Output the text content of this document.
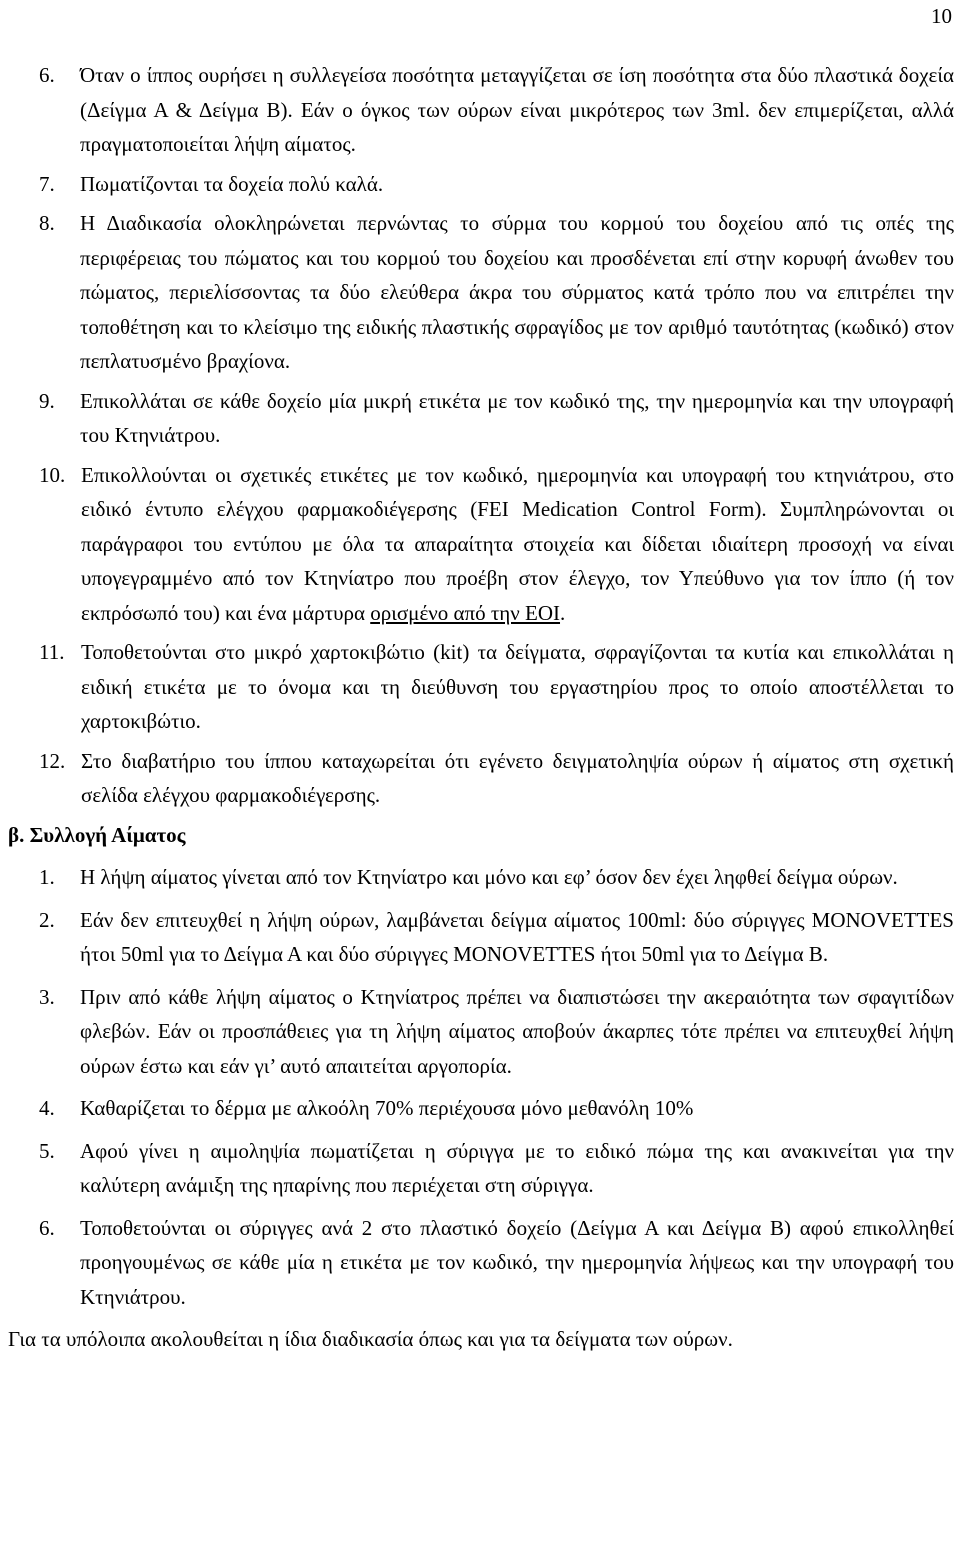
10
6. Όταν ο ίππος ουρήσει η συλλεγείσα ποσότητα μεταγγίζεται σε ίση ποσότητα στα δύο πλαστικά δοχεία (Δείγμα Α & Δείγμα Β). Εάν ο όγκος των ούρων είναι μικρότερος των 3ml. δεν επιμερίζεται, αλλά πραγματοποιείται λήψη αίματος.
7. Πωματίζονται τα δοχεία πολύ καλά.
8. Η Διαδικασία ολοκληρώνεται περνώντας το σύρμα του κορμού του δοχείου από τις οπές της περιφέρειας του πώματος και του κορμού του δοχείου και προσδένεται επί στην κορυφή άνωθεν του πώματος, περιελίσσοντας τα δύο ελεύθερα άκρα του σύρματος κατά τρόπο που να επιτρέπει την τοποθέτηση και το κλείσιμο της ειδικής πλαστικής σφραγίδος με τον αριθμό ταυτότητας (κωδικό) στον πεπλατυσμένο βραχίονα.
9. Επικολλάται σε κάθε δοχείο μία μικρή ετικέτα με τον κωδικό της, την ημερομηνία και την υπογραφή του Κτηνιάτρου.
10. Επικολλούνται οι σχετικές ετικέτες με τον κωδικό, ημερομηνία και υπογραφή του κτηνιάτρου, στο ειδικό έντυπο ελέγχου φαρμακοδιέγερσης (FEI Medication Control Form). Συμπληρώνονται οι παράγραφοι του εντύπου με όλα τα απαραίτητα στοιχεία και δίδεται ιδιαίτερη προσοχή να είναι υπογεγραμμένο από τον Κτηνίατρο που προέβη στον έλεγχο, τον Υπεύθυνο για τον ίππο (ή τον εκπρόσωπό του) και ένα μάρτυρα ορισμένο από την ΕΟΙ.
11. Τοποθετούνται στο μικρό χαρτοκιβώτιο (kit) τα δείγματα, σφραγίζονται τα κυτία και επικολλάται η ειδική ετικέτα με το όνομα και τη διεύθυνση του εργαστηρίου προς το οποίο αποστέλλεται το χαρτοκιβώτιο.
12. Στο διαβατήριο του ίππου καταχωρείται ότι εγένετο δειγματοληψία ούρων ή αίματος στη σχετική σελίδα ελέγχου φαρμακοδιέγερσης.
β. Συλλογή Αίματος
1. Η λήψη αίματος γίνεται από τον Κτηνίατρο και μόνο και εφ’ όσον δεν έχει ληφθεί δείγμα ούρων.
2. Εάν δεν επιτευχθεί η λήψη ούρων, λαμβάνεται δείγμα αίματος 100ml: δύο σύριγγες MONOVETTES ήτοι 50ml για το Δείγμα Α και δύο σύριγγες MONOVETTES ήτοι 50ml για το Δείγμα Β.
3. Πριν από κάθε λήψη αίματος ο Κτηνίατρος πρέπει να διαπιστώσει την ακεραιότητα των σφαγιτίδων φλεβών. Εάν οι προσπάθειες για τη λήψη αίματος αποβούν άκαρπες τότε πρέπει να επιτευχθεί λήψη ούρων έστω και εάν γι’ αυτό απαιτείται αργοπορία.
4. Καθαρίζεται το δέρμα με αλκοόλη 70% περιέχουσα μόνο μεθανόλη 10%
5. Αφού γίνει η αιμοληψία πωματίζεται η σύριγγα με το ειδικό πώμα της και ανακινείται για την καλύτερη ανάμιξη της ηπαρίνης που περιέχεται στη σύριγγα.
6. Τοποθετούνται οι σύριγγες ανά 2 στο πλαστικό δοχείο (Δείγμα Α και Δείγμα Β) αφού επικολληθεί προηγουμένως σε κάθε μία η ετικέτα με τον κωδικό, την ημερομηνία λήψεως και την υπογραφή του Κτηνιάτρου.
Για τα υπόλοιπα ακολουθείται η ίδια διαδικασία όπως και για τα δείγματα των ούρων.
